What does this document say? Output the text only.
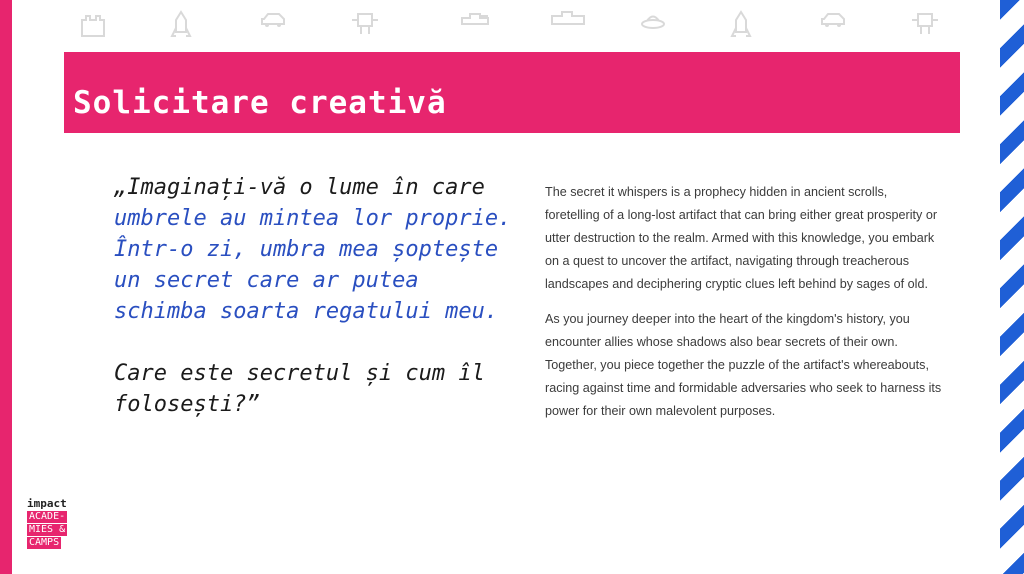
Solicitare creativă

„Imaginați-vă o lume în care umbrele au mintea lor proprie. Într-o zi, umbra mea șoptește un secret care ar putea schimba soarta regatului meu.

Care este secretul și cum îl folosești?”

The secret it whispers is a prophecy hidden in ancient scrolls, foretelling of a long-lost artifact that can bring either great prosperity or utter destruction to the realm. Armed with this knowledge, you embark on a quest to uncover the artifact, navigating through treacherous landscapes and deciphering cryptic clues left behind by sages of old.

As you journey deeper into the heart of the kingdom's history, you encounter allies whose shadows also bear secrets of their own. Together, you piece together the puzzle of the artifact's whereabouts, racing against time and formidable adversaries who seek to harness its power for their own malevolent purposes.

impact
ACADE-
MIES &
CAMPS
